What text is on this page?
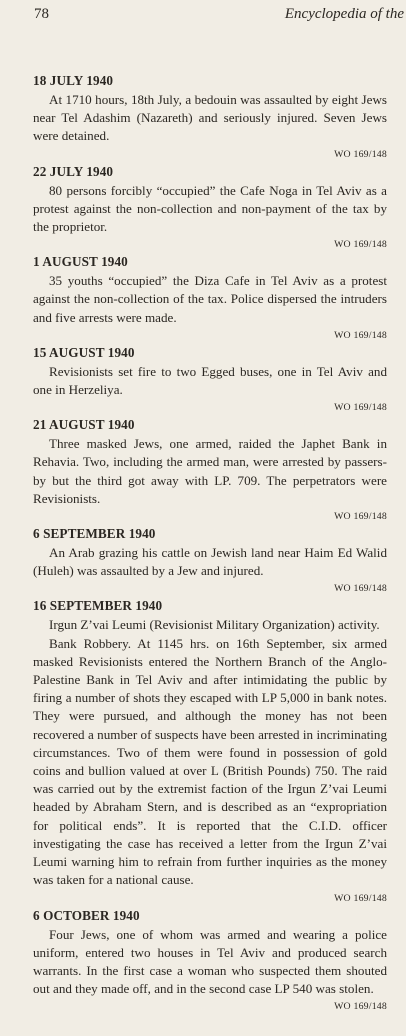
78	Encyclopedia of the
18 JULY 1940

At 1710 hours, 18th July, a bedouin was assaulted by eight Jews near Tel Adashim (Nazareth) and seriously injured. Seven Jews were detained.

WO 169/148
22 JULY 1940

80 persons forcibly “occupied” the Cafe Noga in Tel Aviv as a protest against the non-collection and non-payment of the tax by the proprietor.

WO 169/148
1 AUGUST 1940

35 youths “occupied” the Diza Cafe in Tel Aviv as a protest against the non-collection of the tax. Police dispersed the intruders and five arrests were made.

WO 169/148
15 AUGUST 1940

Revisionists set fire to two Egged buses, one in Tel Aviv and one in Herzeliya.

WO 169/148
21 AUGUST 1940

Three masked Jews, one armed, raided the Japhet Bank in Rehavia. Two, including the armed man, were arrested by passers-by but the third got away with LP. 709. The perpetrators were Revisionists.

WO 169/148
6 SEPTEMBER 1940

An Arab grazing his cattle on Jewish land near Haim Ed Walid (Huleh) was assaulted by a Jew and injured.

WO 169/148
16 SEPTEMBER 1940

Irgun Z’vai Leumi (Revisionist Military Organization) activity.

Bank Robbery. At 1145 hrs. on 16th September, six armed masked Revisionists entered the Northern Branch of the Anglo-Palestine Bank in Tel Aviv and after intimidating the public by firing a number of shots they escaped with LP 5,000 in bank notes. They were pursued, and although the money has not been recovered a number of suspects have been arrested in incriminating circumstances. Two of them were found in possession of gold coins and bullion valued at over L (British Pounds) 750. The raid was carried out by the extremist faction of the Irgun Z’vai Leumi headed by Abraham Stern, and is described as an “expropriation for political ends”. It is reported that the C.I.D. officer investigating the case has received a letter from the Irgun Z’vai Leumi warning him to refrain from further inquiries as the money was taken for a national cause.

WO 169/148
6 OCTOBER 1940

Four Jews, one of whom was armed and wearing a police uniform, entered two houses in Tel Aviv and produced search warrants. In the first case a woman who suspected them shouted out and they made off, and in the second case LP 540 was stolen.

WO 169/148
